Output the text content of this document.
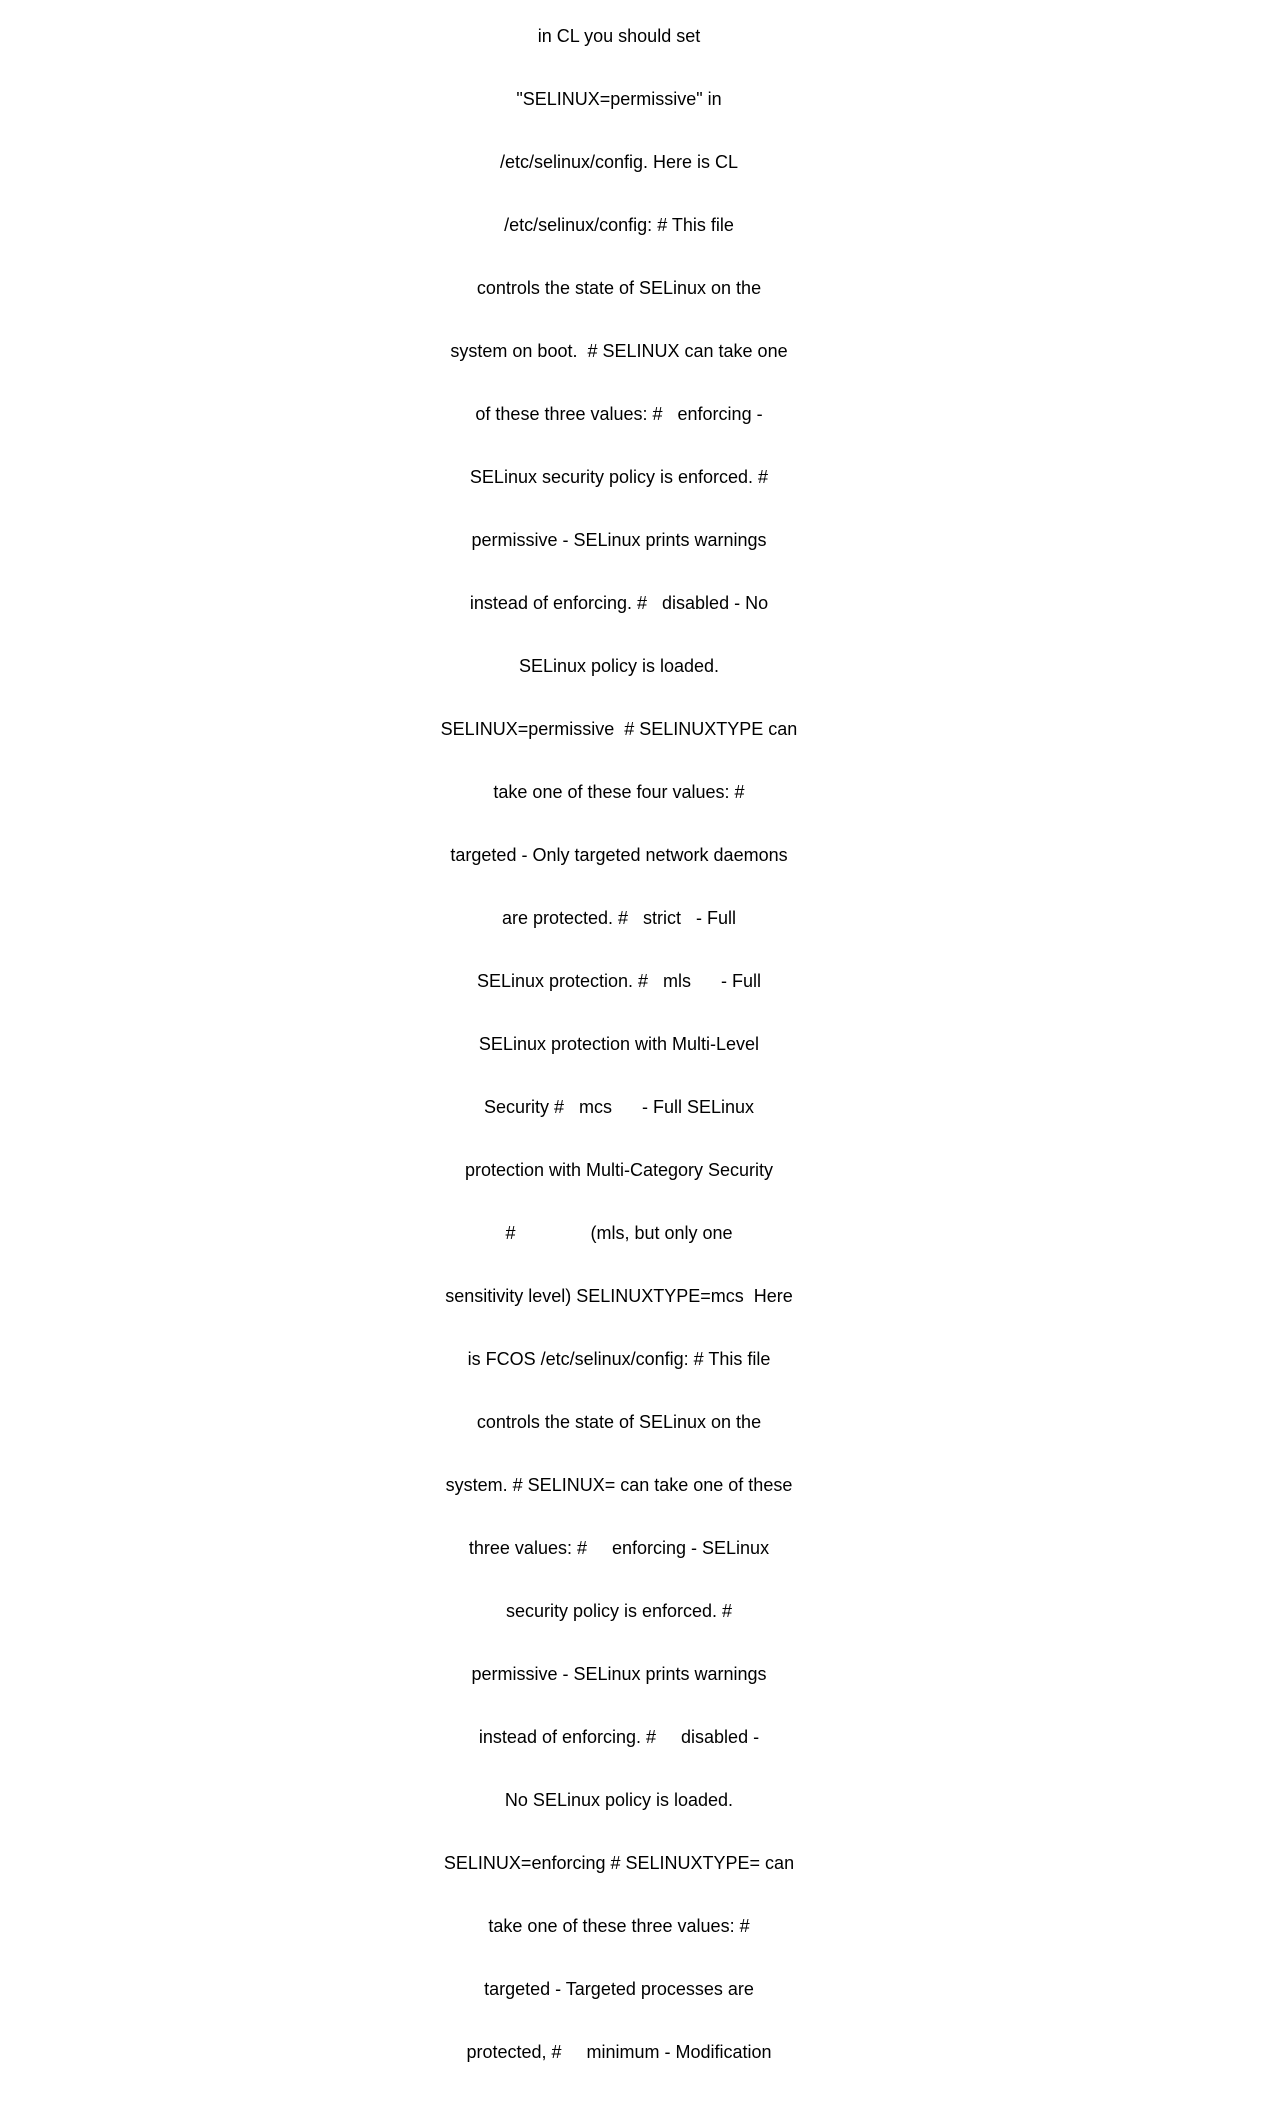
in CL you should set

"SELINUX=permissive" in

/etc/selinux/config. Here is CL

/etc/selinux/config: # This file

controls the state of SELinux on the

system on boot.  # SELINUX can take one

of these three values: #   enforcing -

SELinux security policy is enforced. #

permissive - SELinux prints warnings

instead of enforcing. #   disabled - No

SELinux policy is loaded.

SELINUX=permissive  # SELINUXTYPE can

take one of these four values: #

targeted - Only targeted network daemons

are protected. #   strict   - Full

SELinux protection. #   mls      - Full

SELinux protection with Multi-Level

Security #   mcs      - Full SELinux

protection with Multi-Category Security

#               (mls, but only one

sensitivity level) SELINUXTYPE=mcs  Here

is FCOS /etc/selinux/config: # This file

controls the state of SELinux on the

system. # SELINUX= can take one of these

three values: #     enforcing - SELinux

security policy is enforced. #

permissive - SELinux prints warnings

instead of enforcing. #     disabled -

No SELinux policy is loaded.

SELINUX=enforcing # SELINUXTYPE= can

take one of these three values: #

targeted - Targeted processes are

protected, #     minimum - Modification
